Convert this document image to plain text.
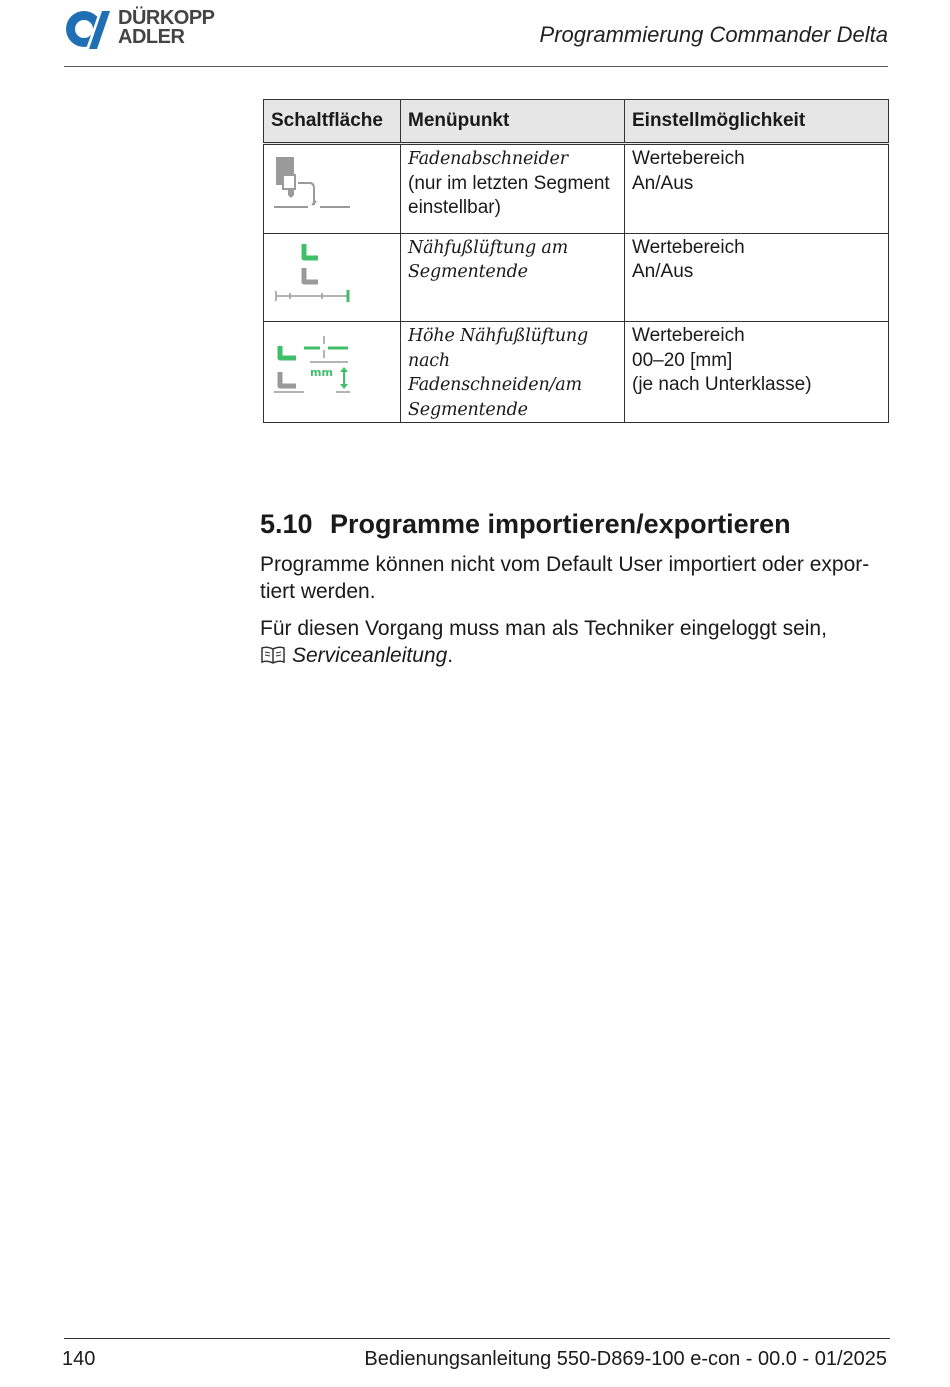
DÜRKOPP
ADLER	Programmierung Commander Delta
Schaltfläche	Menüpunkt	Einstellmöglichkeit

Fadenabschneider
(nur im letzten Segment
einstellbar)	Wertebereich
An/Aus

Nähfußlüftung am
Segmentende	Wertebereich
An/Aus

mm	Höhe Nähfußlüftung nach
Fadenschneiden/am
Segmentende	Wertebereich
00–20 [mm]
(je nach Unterklasse)
5.10 Programme importieren/exportieren
Programme können nicht vom Default User importiert oder expor-
tiert werden.
Für diesen Vorgang muss man als Techniker eingeloggt sein,
Serviceanleitung.
140	Bedienungsanleitung 550-D869-100 e-con - 00.0 - 01/2025
